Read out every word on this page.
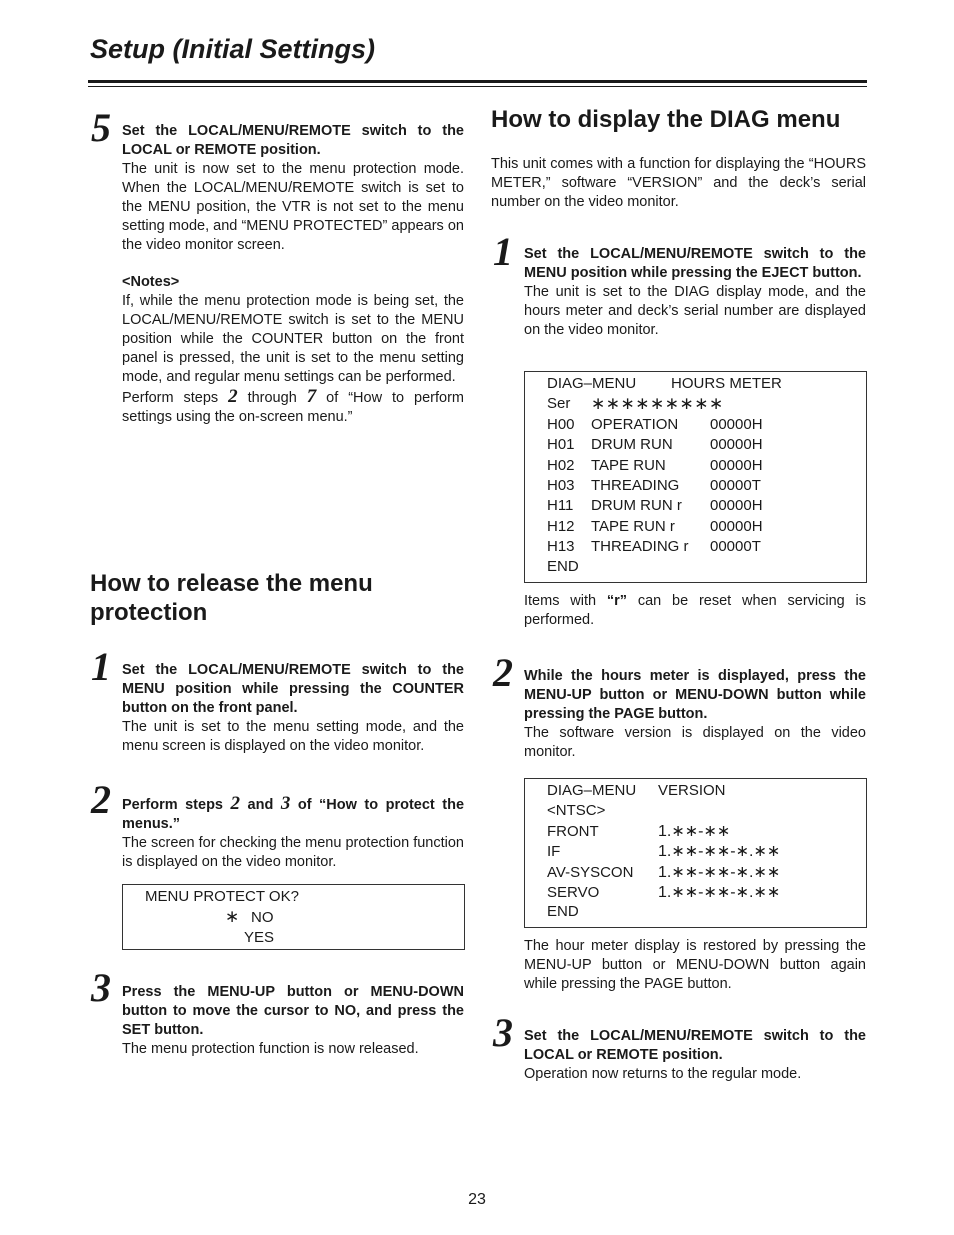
Setup (Initial Settings)
5 Set the LOCAL/MENU/REMOTE switch to the LOCAL or REMOTE position.

The unit is now set to the menu protection mode. When the LOCAL/MENU/REMOTE switch is set to the MENU position, the VTR is not set to the menu setting mode, and “MENU PROTECTED” appears on the video monitor screen.

<Notes>

If, while the menu protection mode is being set, the LOCAL/MENU/REMOTE switch is set to the MENU position while the COUNTER button on the front panel is pressed, the unit is set to the menu setting mode, and regular menu settings can be performed.

Perform steps 2 through 7 of “How to perform settings using the on-screen menu.”

How to release the menu protection
1 Set the LOCAL/MENU/REMOTE switch to the MENU position while pressing the COUNTER button on the front panel.

The unit is set to the menu setting mode, and the menu screen is displayed on the video monitor.

2 Perform steps 2 and 3 of “How to protect the menus.”

The screen for checking the menu protection function is displayed on the video monitor.

MENU PROTECT OK?
∗ NO
YES
3 Press the MENU-UP button or MENU-DOWN button to move the cursor to NO, and press the SET button.

The menu protection function is now released.

How to display the DIAG menu

This unit comes with a function for displaying the “HOURS METER,” software “VERSION” and the deck’s serial number on the video monitor.

1 Set the LOCAL/MENU/REMOTE switch to the MENU position while pressing the EJECT button.

The unit is set to the DIAG display mode, and the hours meter and deck’s serial number are displayed on the video monitor.

DIAG–MENU HOURS METER
Ser ∗∗∗∗∗∗∗∗∗
H00 OPERATION 00000H
H01 DRUM RUN 00000H
H02 TAPE RUN	00000H
H03 THREADING 00000T
H11 DRUM RUN r 00000H
H12 TAPE RUN r 00000H
H13 THREADING r 00000T
END

Items with “r” can be reset when servicing is performed.

2 While the hours meter is displayed, press the MENU-UP button or MENU-DOWN button while pressing the PAGE button.

The software version is displayed on the video monitor.

DIAG–MENU VERSION
<NTSC>
FRONT	1.∗∗-∗∗
IF	1.∗∗-∗∗-∗.∗∗
AV-SYSCON 1.∗∗-∗∗-∗.∗∗
SERVO	1.∗∗-∗∗-∗.∗∗
END

The hour meter display is restored by pressing the MENU-UP button or MENU-DOWN button again while pressing the PAGE button.

3 Set the LOCAL/MENU/REMOTE switch to the LOCAL or REMOTE position.

Operation now returns to the regular mode.

23
